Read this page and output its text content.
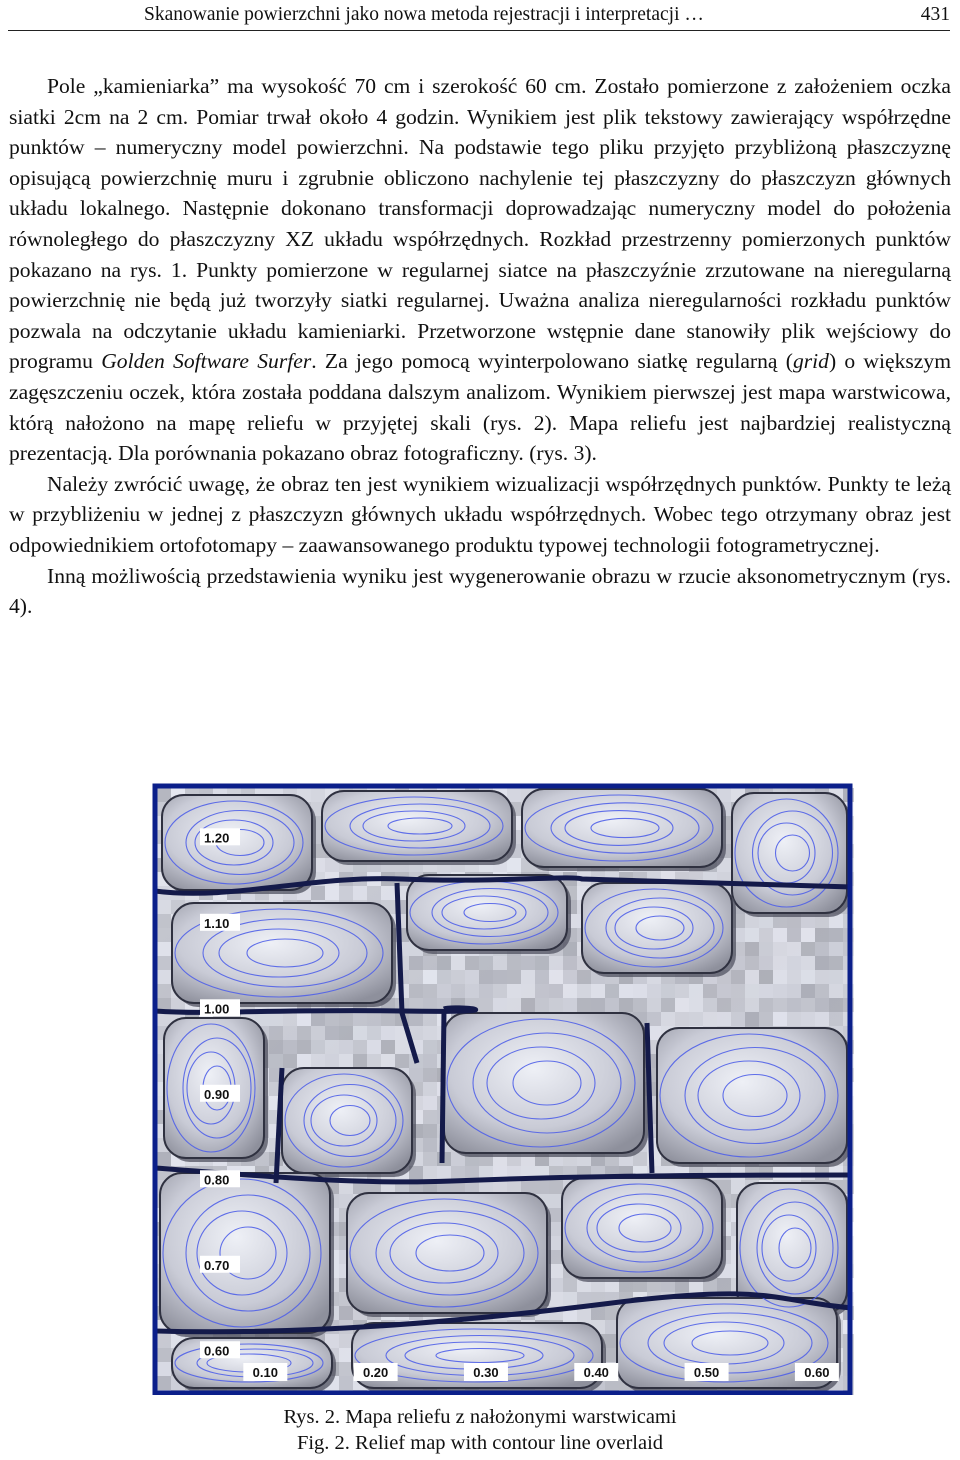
Skanowanie powierzchni jako nowa metoda rejestracji i interpretacji …	431

Pole „kamieniarka” ma wysokość 70 cm i szerokość 60 cm. Zostało pomierzone z założeniem oczka siatki 2cm na 2 cm. Pomiar trwał około 4 godzin. Wynikiem jest plik tekstowy zawierający współrzędne punktów – numeryczny model powierzchni. Na podstawie tego pliku przyjęto przybliżoną płaszczyznę opisującą powierzchnię muru i zgrubnie obliczono nachylenie tej płaszczyzny do płaszczyzn głównych układu lokalnego. Następnie dokonano transformacji doprowadzając numeryczny model do położenia równoległego do płaszczyzny XZ układu współrzędnych. Rozkład przestrzenny pomierzonych punktów pokazano na rys. 1. Punkty pomierzone w regularnej siatce na płaszczyźnie zrzutowane na nieregularną powierzchnię nie będą już tworzyły siatki regularnej. Uważna analiza nieregularności rozkładu punktów pozwala na odczytanie układu kamieniarki. Przetworzone wstępnie dane stanowiły plik wejściowy do programu Golden Software Surfer. Za jego pomocą wyinterpolowano siatkę regularną (grid) o większym zagęszczeniu oczek, która została poddana dalszym analizom. Wynikiem pierwszej jest mapa warstwicowa, którą nałożono na mapę reliefu w przyjętej skali (rys. 2). Mapa reliefu jest najbardziej realistyczną prezentacją. Dla porównania pokazano obraz fotograficzny. (rys. 3).

Należy zwrócić uwagę, że obraz ten jest wynikiem wizualizacji współrzędnych punktów. Punkty te leżą w przybliżeniu w jednej z płaszczyzn głównych układu współrzędnych. Wobec tego otrzymany obraz jest odpowiednikiem ortofotomapy – zaawansowanego produktu typowej technologii fotogrametrycznej.

Inną możliwością przedstawienia wyniku jest wygenerowanie obrazu w rzucie aksonometrycznym (rys. 4).

1.20
1.10
1.00
0.90
0.80
0.70
0.60
0.10	0.20	0.30	0.40	0.50	0.60
Rys. 2. Mapa reliefu z nałożonymi warstwicami
Fig. 2. Relief map with contour line overlaid
